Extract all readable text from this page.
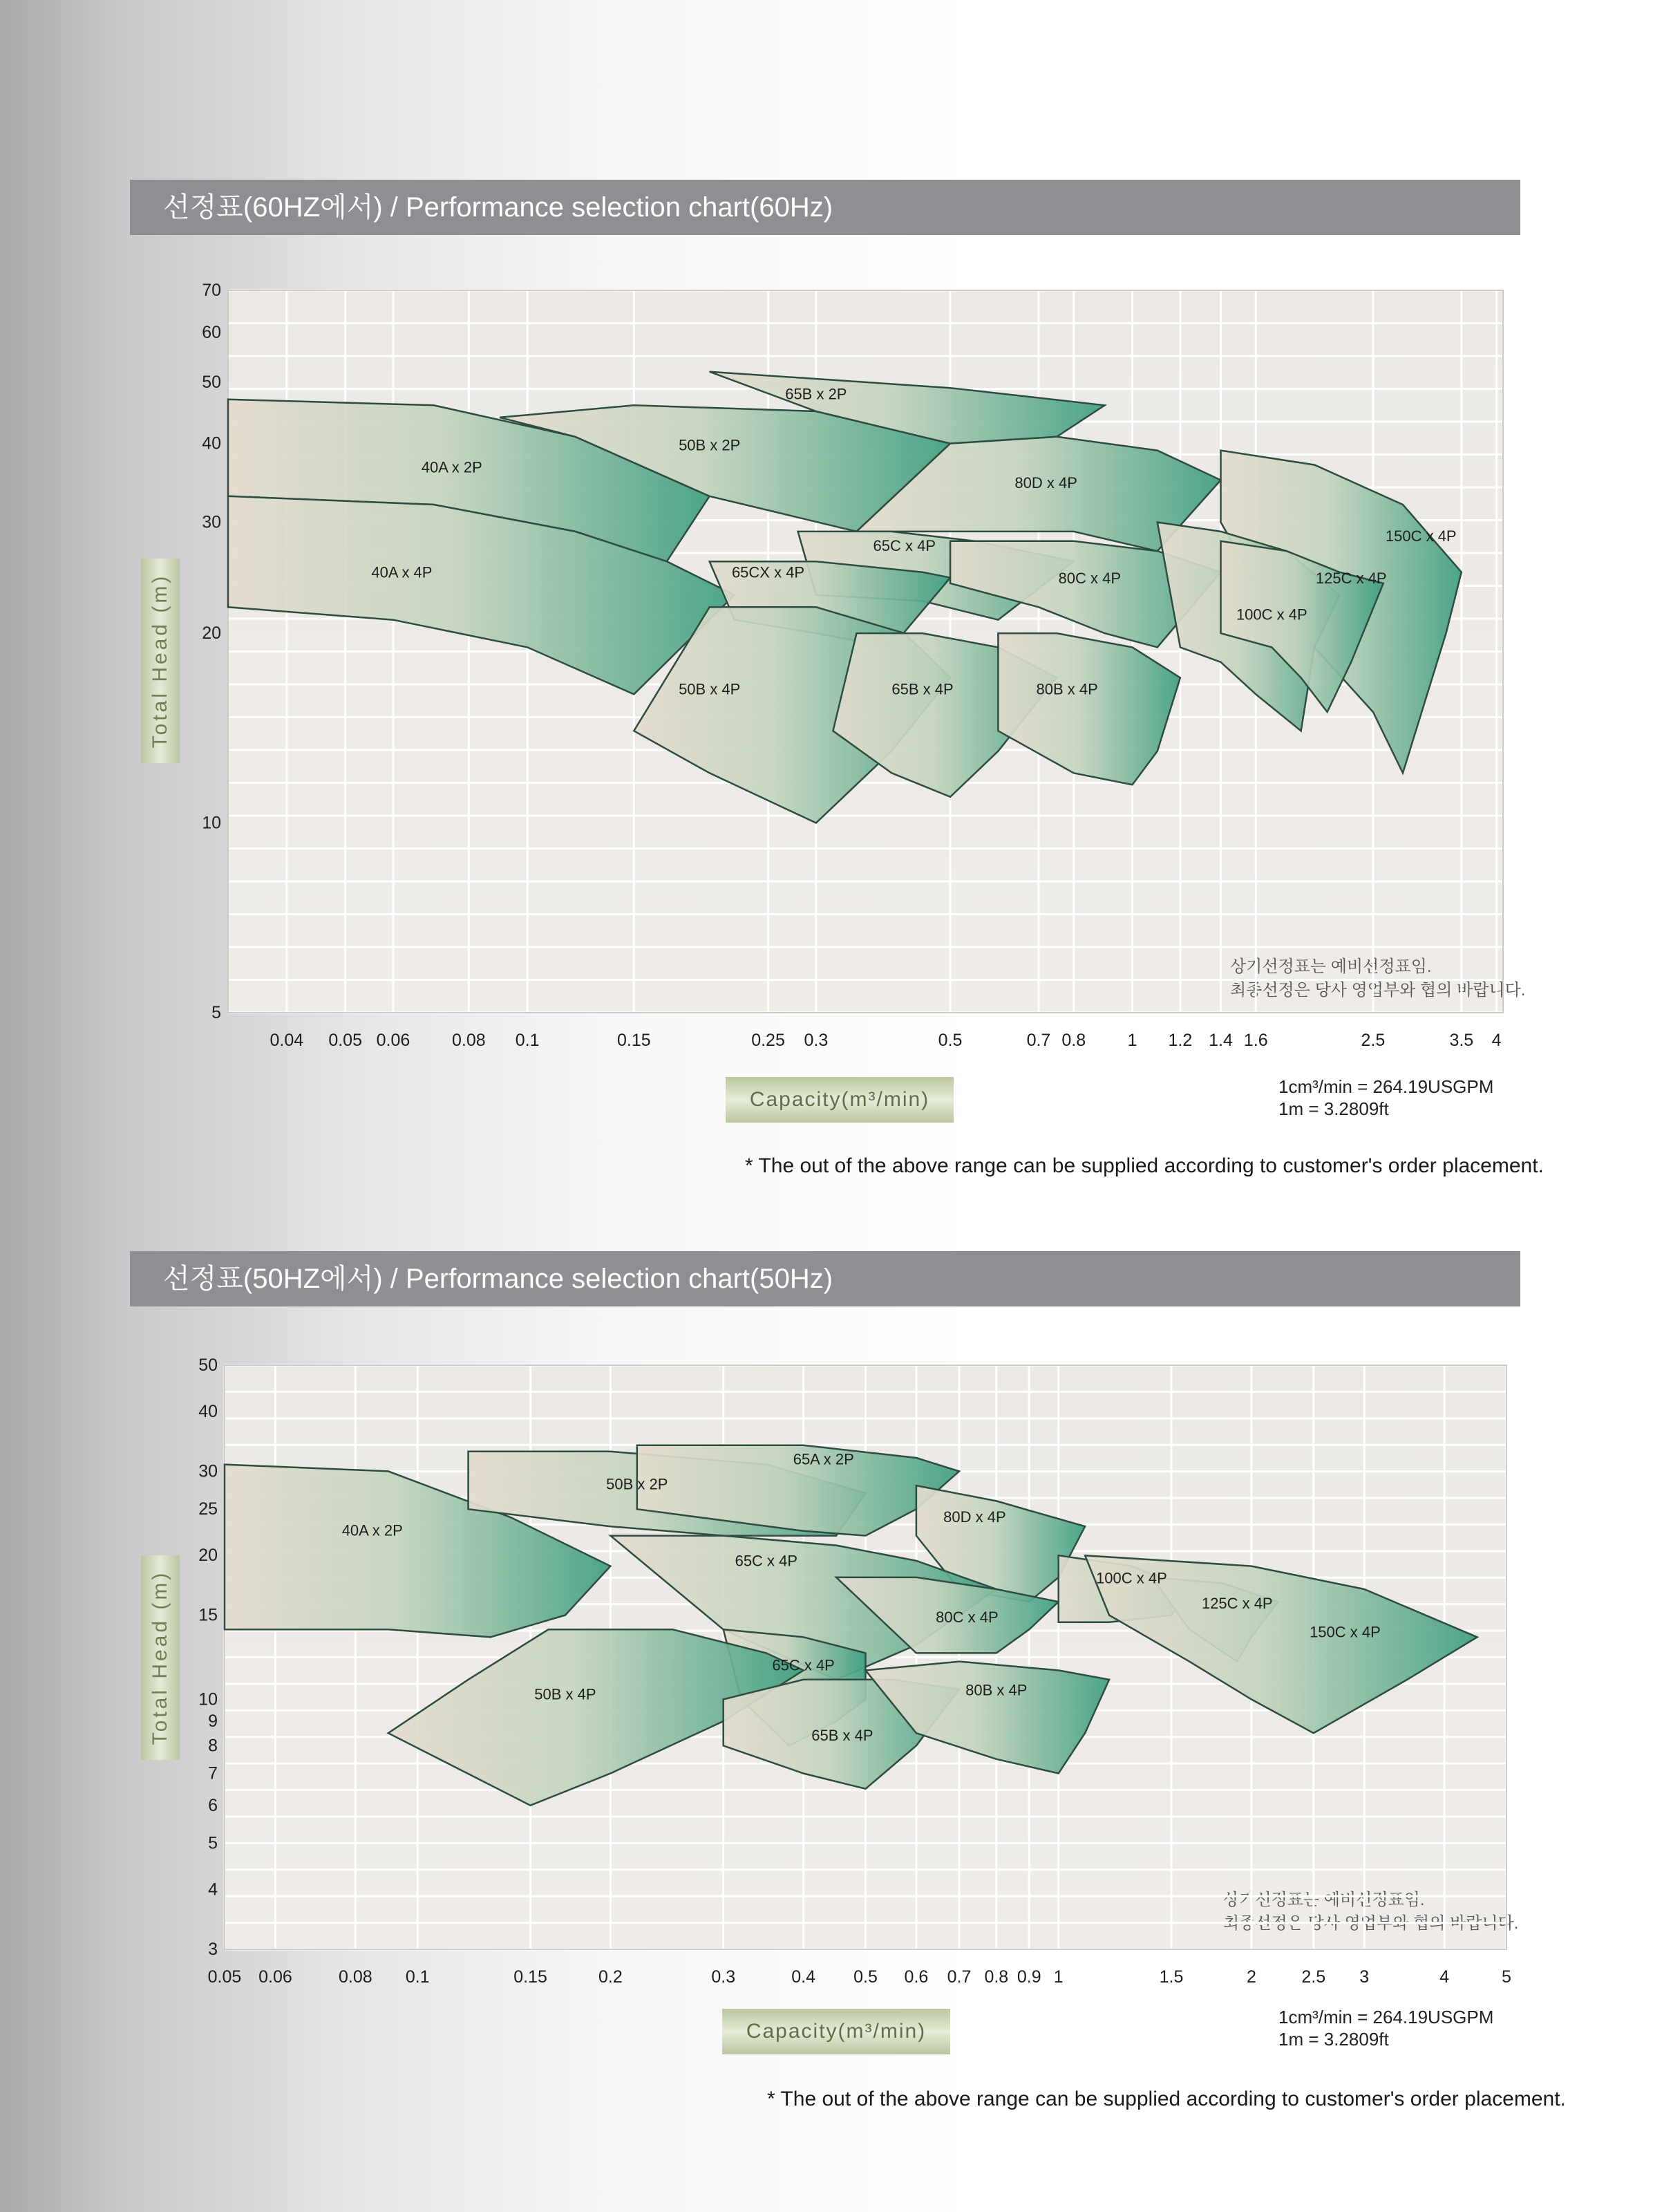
선정표(60HZ에서) / Performance selection chart(60Hz)
Total Head (m)
Capacity(m³/min)
1cm³/min = 264.19USGPM
1m = 3.2809ft
상기선정표는 예비선정표임.
최종선정은 당사 영업부와 협의 바랍니다.
* The out of the above range can be supplied according to customer's order placement.
선정표(50HZ에서) / Performance selection chart(50Hz)
Total Head (m)
Capacity(m³/min)
1cm³/min = 264.19USGPM
1m = 3.2809ft
상기선정표는 예비선정표임.
최종선정은 당사 영업부와 협의 바랍니다.
* The out of the above range can be supplied according to customer's order placement.
40A x 2P
40A x 4P
50B x 2P
65B x 2P
80D x 4P
150C x 4P
65C x 4P
65CX x 4P	80C x 4P
100C x 4P
125C x 4P
50B x 4P	65B x 4P	80B x 4P
0.04 0.05 0.06 0.08 0.1	0.15	0.25 0.3	0.5	0.7 0.8 1 1.2 1.4 1.6	2.5	3.5 4
5
10
20
30
40
50
60
70
40A x 2P
50B x 2P
65A x 2P
80D x 4P
65C x 4P
80C x 4P
100C x 4P
125C x 4P
150C x 4P
65C x 4P
50B x 4P
65B x 4P
80B x 4P
0.05 0.06	0.08 0.1	0.15	0.2	0.3	0.4 0.5 0.6 0.7 0.8 0.9 1	1.5	2	2.5 3	4	5
3
4
5
6
7
8
9
10
15
20
25
30
40
50
